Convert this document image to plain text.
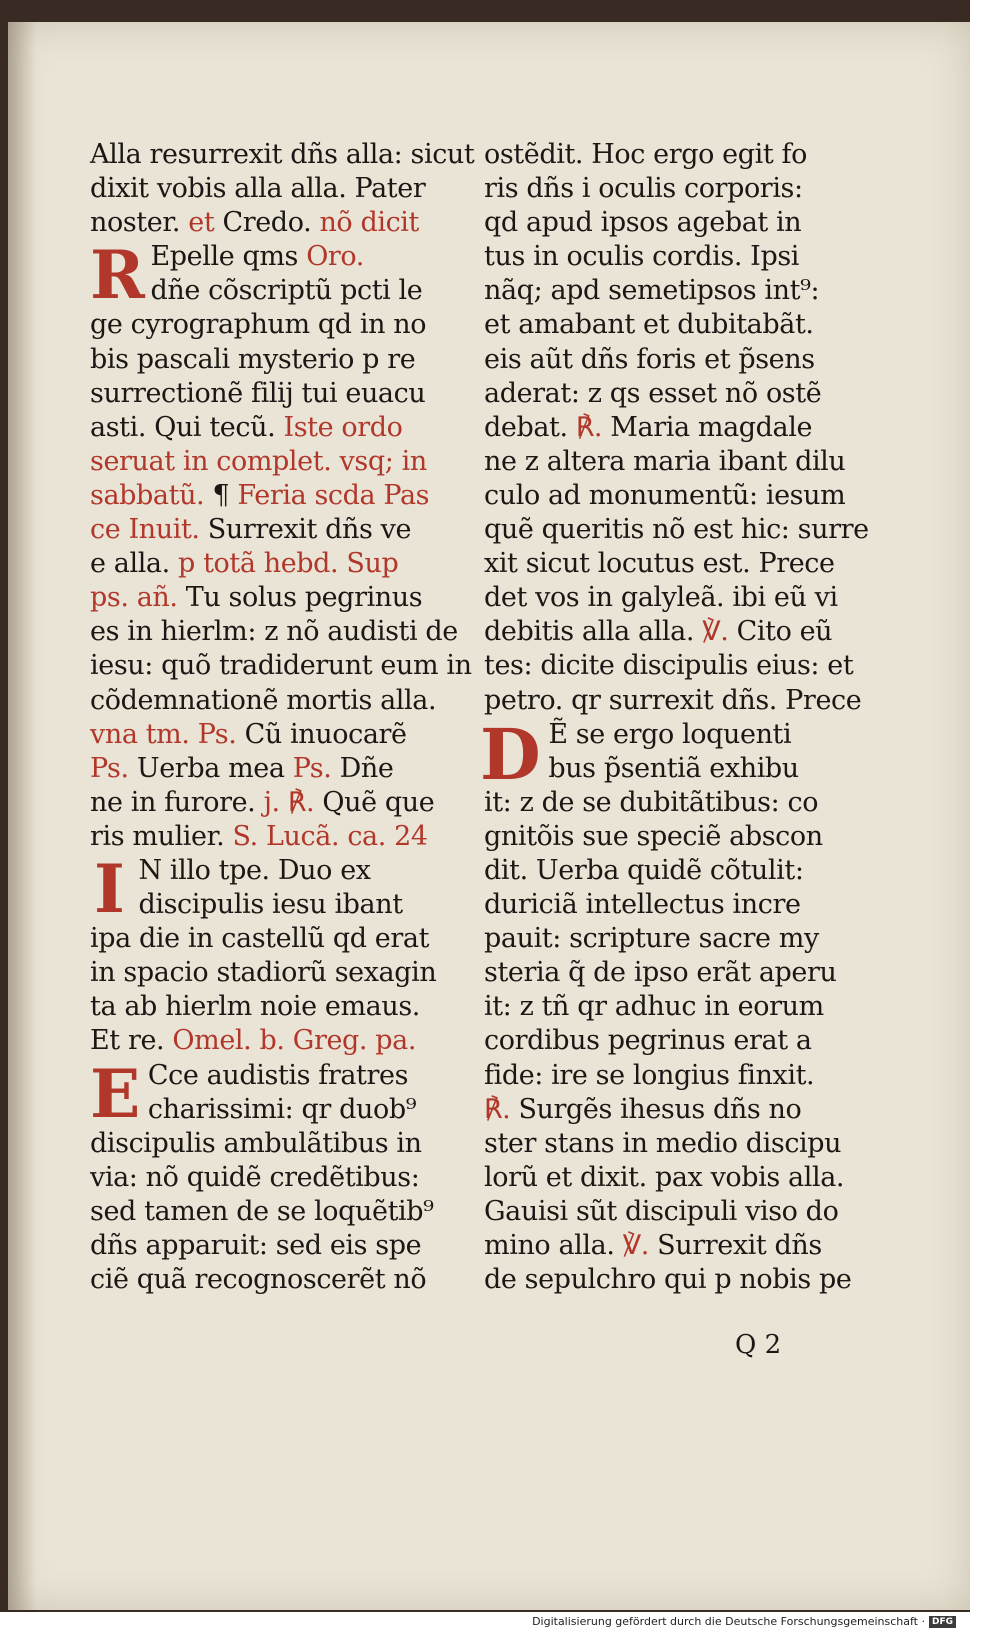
Alla resurrexit dñs alla: sicut
dixit vobis alla alla. Pater
noster. et Credo. nõ dicit
R Epelle qms Oro.
dñe cõscriptũ pcti le
ge cyrographum qd in no
bis pascali mysterio p re
surrectionẽ filij tui euacu
asti. Qui tecũ. Iste ordo
seruat in complet. vsq; in
sabbatũ. ¶ Feria scda Pas
ce Inuit. Surrexit dñs ve
e alla. p totã hebd. Sup
ps. añ. Tu solus pegrinus
es in hierlm: z nõ audisti de
iesu: quõ tradiderunt eum in
cõdemnationẽ mortis alla.
vna tm. Ps. Cũ inuocarẽ
Ps. Uerba mea Ps. Dñe
ne in furore. j. ℟. Quẽ que
ris mulier. S. Lucã. ca. 24
I N illo tpe. Duo ex
discipulis iesu ibant
ipa die in castellũ qd erat
in spacio stadiorũ sexagin
ta ab hierlm noie emaus.
Et re. Omel. b. Greg. pa.
E Cce audistis fratres
charissimi: qr duob⁹
discipulis ambulãtibus in
via: nõ quidẽ credẽtibus:
sed tamen de se loquẽtib⁹
dñs apparuit: sed eis spe
ciẽ quã recognoscerẽt nõ
ostẽdit. Hoc ergo egit fo
ris dñs i oculis corporis:
qd apud ipsos agebat in
tus in oculis cordis. Ipsi
nãq; apd semetipsos int⁹:
et amabant et dubitabãt.
eis aũt dñs foris et p̃sens
aderat: z qs esset nõ ostẽ
debat. ℟. Maria magdale
ne z altera maria ibant dilu
culo ad monumentũ: iesum
quẽ queritis nõ est hic: surre
xit sicut locutus est. Prece
det vos in galyleã. ibi eũ vi
debitis alla alla. ℣. Cito eũ
tes: dicite discipulis eius: et
petro. qr surrexit dñs. Prece
D Ẽ se ergo loquenti
bus p̃sentiã exhibu
it: z de se dubitãtibus: co
gnitõis sue speciẽ abscon
dit. Uerba quidẽ cõtulit:
duriciã intellectus incre
pauit: scripture sacre my
steria q̃ de ipso erãt aperu
it: z tñ qr adhuc in eorum
cordibus pegrinus erat a
fide: ire se longius finxit.
℟. Surgẽs ihesus dñs no
ster stans in medio discipu
lorũ et dixit. pax vobis alla.
Gauisi sũt discipuli viso do
mino alla. ℣. Surrexit dñs
de sepulchro qui p nobis pe
Q 2
Digitalisierung gefördert durch die Deutsche Forschungsgemeinschaft · DFG
